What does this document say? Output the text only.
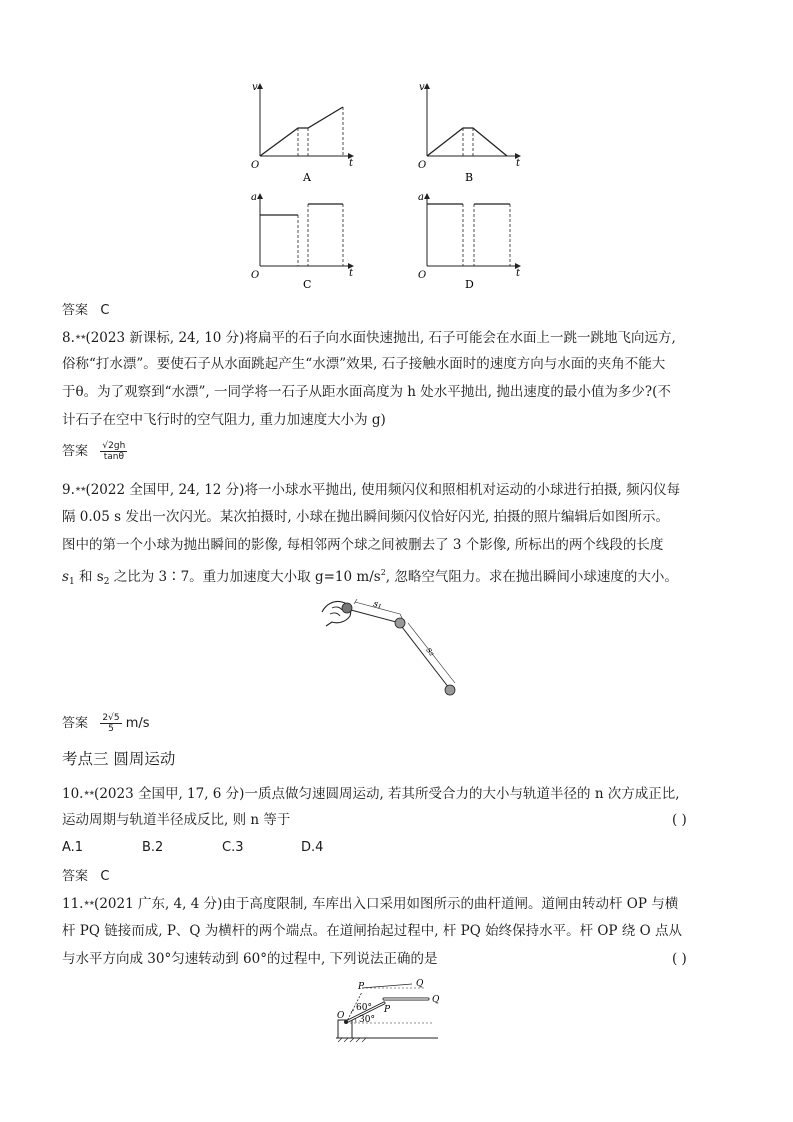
v
t
O
A
v
t
O
B
a
t
O
C
a
t
O
D
答案 C
8.★★(2023 新课标, 24, 10 分)将扁平的石子向水面快速抛出, 石子可能会在水面上一跳一跳地飞向远方,
俗称“打水漂”。要使石子从水面跳起产生“水漂”效果, 石子接触水面时的速度方向与水面的夹角不能大
于θ。为了观察到“水漂”, 一同学将一石子从距水面高度为 h 处水平抛出, 抛出速度的最小值为多少?(不
计石子在空中飞行时的空气阻力, 重力加速度大小为 g)
答案 $\frac{√2gh}{\tan\theta}$
9.★★(2022 全国甲, 24, 12 分)将一小球水平抛出, 使用频闪仪和照相机对运动的小球进行拍摄, 频闪仪每
隔 0.05 s 发出一次闪光。某次拍摄时, 小球在抛出瞬间频闪仪恰好闪光, 拍摄的照片编辑后如图所示。
图中的第一个小球为抛出瞬间的影像, 每相邻两个球之间被删去了 3 个影像, 所标出的两个线段的长度
$s_1$ 和 $s_2$ 之比为 3∶7。重力加速度大小取 g=10 $m/s^2$, 忽略空气阻力。求在抛出瞬间小球速度的大小。
s₁
s₂
答案 $\frac{2√5}{5} m/s$
考点三 圆周运动
10.★★(2023 全国甲, 17, 6 分)一质点做匀速圆周运动, 若其所受合力的大小与轨道半径的 n 次方成正比,
运动周期与轨道半径成反比, 则 n 等于	( )
A.1	B.2	C.3	D.4
答案 C
11.★★(2021 广东, 4, 4 分)由于高度限制, 车库出入口采用如图所示的曲杆道闸。道闸由转动杆 OP 与横
杆 PQ 链接而成, P、Q 为横杆的两个端点。在道闸抬起过程中, 杆 PQ 始终保持水平。杆 OP 绕 O 点从
与水平方向成 30°匀速转动到 60°的过程中, 下列说法正确的是	( )
60°
30°
P	Q
P
Q
O
